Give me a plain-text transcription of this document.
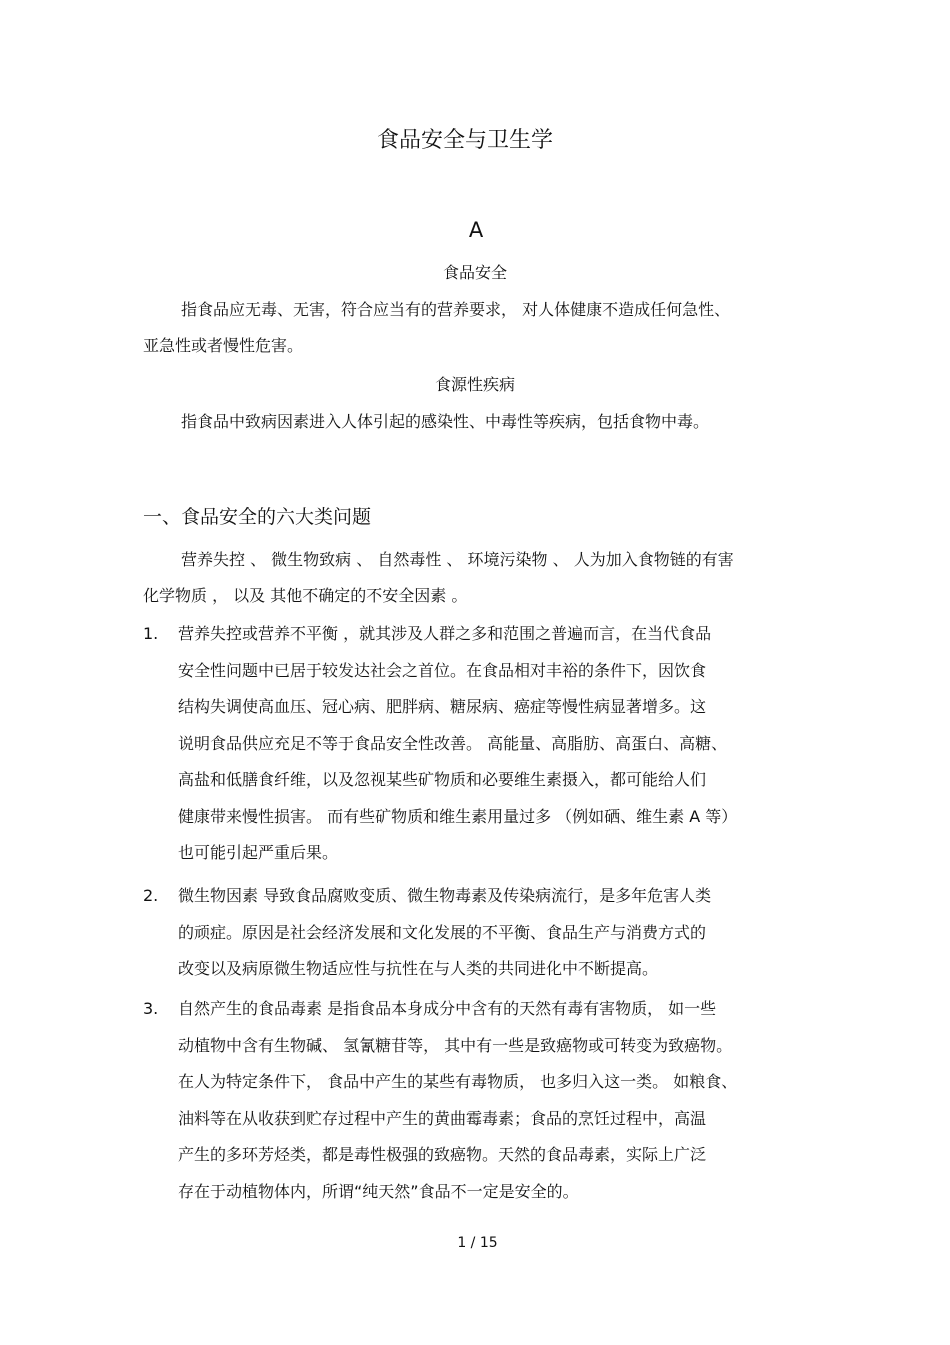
食品安全与卫生学
A
食品安全
指食品应无毒、无害，符合应当有的营养要求， 对人体健康不造成任何急性、
亚急性或者慢性危害。
食源性疾病
指食品中致病因素进入人体引起的感染性、中毒性等疾病，包括食物中毒。
一、食品安全的六大类问题
营养失控 、 微生物致病 、 自然毒性 、 环境污染物 、 人为加入食物链的有害
化学物质 ， 以及 其他不确定的不安全因素 。
1.	营养失控或营养不平衡 ，就其涉及人群之多和范围之普遍而言，在当代食品
安全性问题中已居于较发达社会之首位。在食品相对丰裕的条件下，因饮食
结构失调使高血压、冠心病、肥胖病、糖尿病、癌症等慢性病显著增多。这
说明食品供应充足不等于食品安全性改善。 高能量、高脂肪、高蛋白、高糖、
高盐和低膳食纤维，以及忽视某些矿物质和必要维生素摄入，都可能给人们
健康带来慢性损害。 而有些矿物质和维生素用量过多 （例如硒、维生素 A 等）
也可能引起严重后果。
2.	微生物因素 导致食品腐败变质、微生物毒素及传染病流行，是多年危害人类
的顽症。原因是社会经济发展和文化发展的不平衡、食品生产与消费方式的
改变以及病原微生物适应性与抗性在与人类的共同进化中不断提高。
3.	自然产生的食品毒素 是指食品本身成分中含有的天然有毒有害物质， 如一些
动植物中含有生物碱、 氢氰糖苷等， 其中有一些是致癌物或可转变为致癌物。
在人为特定条件下， 食品中产生的某些有毒物质， 也多归入这一类。 如粮食、
油料等在从收获到贮存过程中产生的黄曲霉毒素；食品的烹饪过程中，高温
产生的多环芳烃类，都是毒性极强的致癌物。天然的食品毒素，实际上广泛
存在于动植物体内，所谓“纯天然”食品不一定是安全的。
1 / 15
